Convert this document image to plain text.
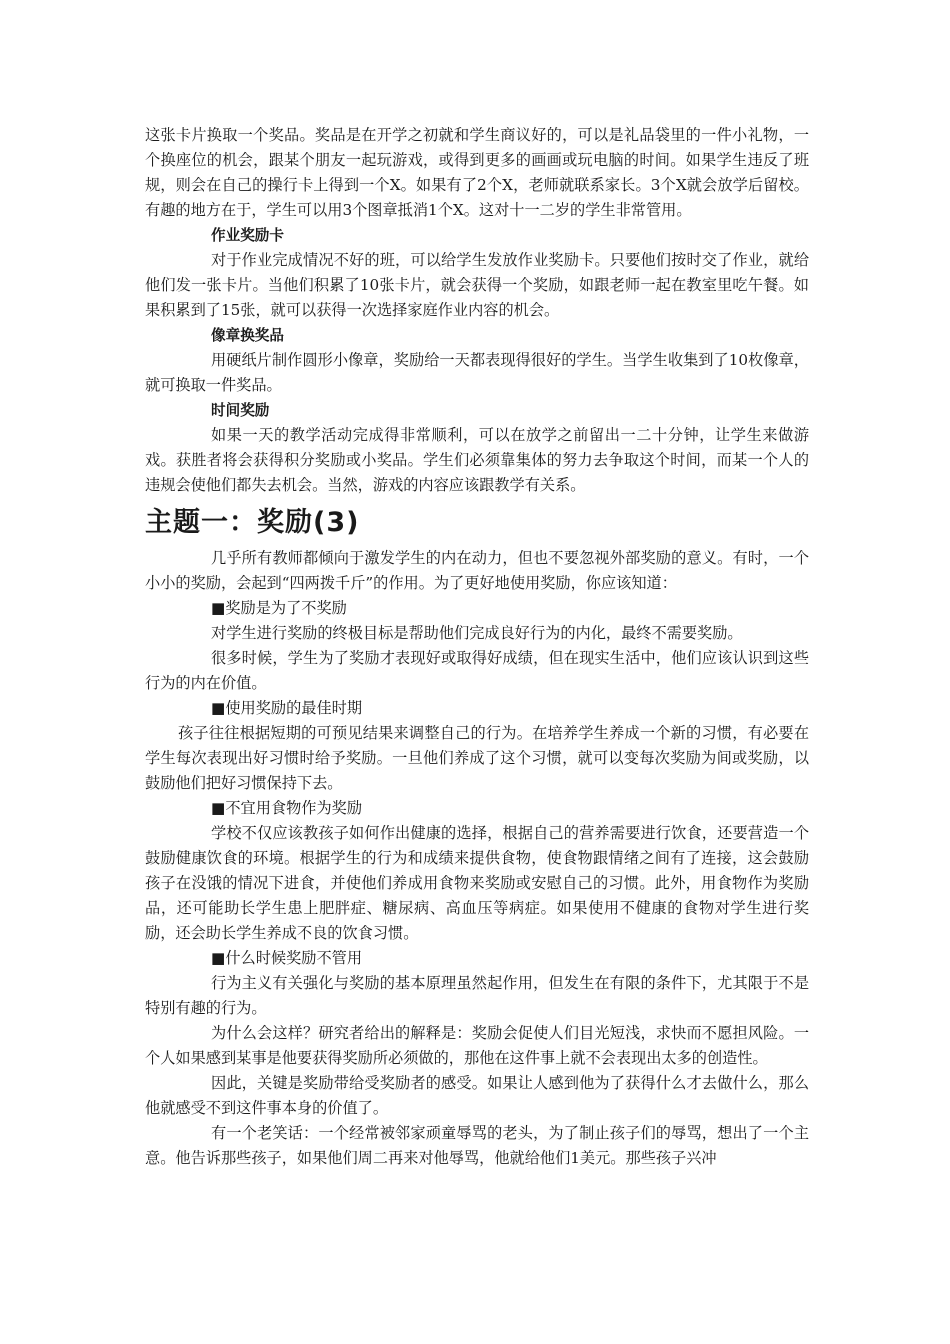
这张卡片换取一个奖品。奖品是在开学之初就和学生商议好的，可以是礼品袋里的一件小礼物，一个换座位的机会，跟某个朋友一起玩游戏，或得到更多的画画或玩电脑的时间。如果学生违反了班规，则会在自己的操行卡上得到一个X。如果有了2个X，老师就联系家长。3个X就会放学后留校。有趣的地方在于，学生可以用3个图章抵消1个X。这对十一二岁的学生非常管用。

作业奖励卡

对于作业完成情况不好的班，可以给学生发放作业奖励卡。只要他们按时交了作业，就给他们发一张卡片。当他们积累了10张卡片，就会获得一个奖励，如跟老师一起在教室里吃午餐。如果积累到了15张，就可以获得一次选择家庭作业内容的机会。

像章换奖品

用硬纸片制作圆形小像章，奖励给一天都表现得很好的学生。当学生收集到了10枚像章，就可换取一件奖品。

时间奖励

如果一天的教学活动完成得非常顺利，可以在放学之前留出一二十分钟，让学生来做游戏。获胜者将会获得积分奖励或小奖品。学生们必须靠集体的努力去争取这个时间，而某一个人的违规会使他们都失去机会。当然，游戏的内容应该跟教学有关系。

主题一：奖励(3)

几乎所有教师都倾向于激发学生的内在动力，但也不要忽视外部奖励的意义。有时，一个小小的奖励，会起到“四两拨千斤”的作用。为了更好地使用奖励，你应该知道：

■奖励是为了不奖励

对学生进行奖励的终极目标是帮助他们完成良好行为的内化，最终不需要奖励。

很多时候，学生为了奖励才表现好或取得好成绩，但在现实生活中，他们应该认识到这些行为的内在价值。

■使用奖励的最佳时期

孩子往往根据短期的可预见结果来调整自己的行为。在培养学生养成一个新的习惯，有必要在学生每次表现出好习惯时给予奖励。一旦他们养成了这个习惯，就可以变每次奖励为间或奖励，以鼓励他们把好习惯保持下去。

■不宜用食物作为奖励

学校不仅应该教孩子如何作出健康的选择，根据自己的营养需要进行饮食，还要营造一个鼓励健康饮食的环境。根据学生的行为和成绩来提供食物，使食物跟情绪之间有了连接，这会鼓励孩子在没饿的情况下进食，并使他们养成用食物来奖励或安慰自己的习惯。此外，用食物作为奖励品，还可能助长学生患上肥胖症、糖尿病、高血压等病症。如果使用不健康的食物对学生进行奖励，还会助长学生养成不良的饮食习惯。

■什么时候奖励不管用

行为主义有关强化与奖励的基本原理虽然起作用，但发生在有限的条件下，尤其限于不是特别有趣的行为。

为什么会这样？研究者给出的解释是：奖励会促使人们目光短浅，求快而不愿担风险。一个人如果感到某事是他要获得奖励所必须做的，那他在这件事上就不会表现出太多的创造性。

因此，关键是奖励带给受奖励者的感受。如果让人感到他为了获得什么才去做什么，那么他就感受不到这件事本身的价值了。

有一个老笑话：一个经常被邻家顽童辱骂的老头，为了制止孩子们的辱骂，想出了一个主意。他告诉那些孩子，如果他们周二再来对他辱骂，他就给他们1美元。那些孩子兴冲
